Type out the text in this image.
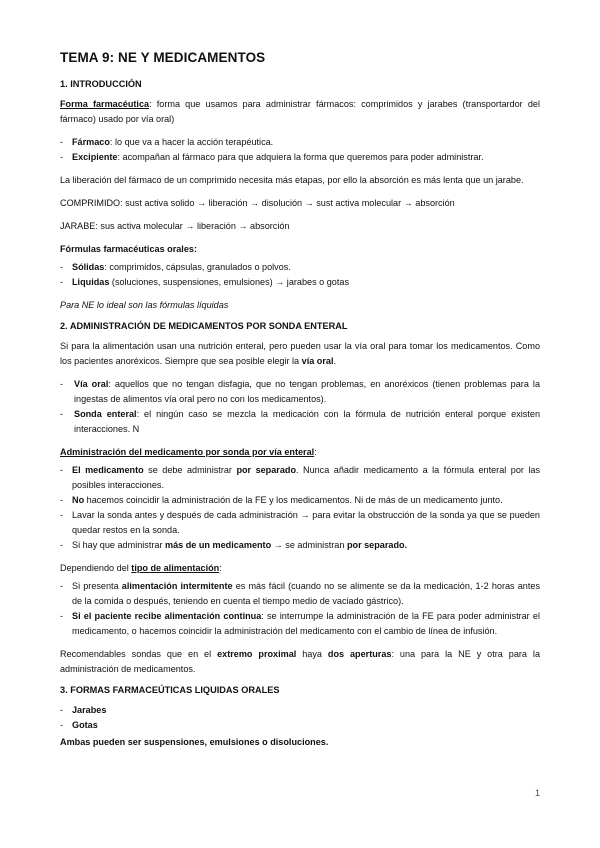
TEMA 9: NE Y MEDICAMENTOS
1. INTRODUCCIÓN

Forma farmacéutica: forma que usamos para administrar fármacos: comprimidos y jarabes (transportardor del fármaco) usado por vía oral)

- Fármaco: lo que va a hacer la acción terapéutica.
- Excipiente: acompañan al fármaco para que adquiera la forma que queremos para poder administrar.

La liberación del fármaco de un comprimido necesita más etapas, por ello la absorción es más lenta que un jarabe.

COMPRIMIDO: sust activa solido → liberación → disolución → sust activa molecular → absorción

JARABE: sus activa molecular → liberación → absorción

Fórmulas farmacéuticas orales:

- Sólidas: comprimidos, cápsulas, granulados o polvos.
- Liquidas (soluciones, suspensiones, emulsiones) → jarabes o gotas

Para NE lo ideal son las fórmulas líquidas

2. ADMINISTRACIÓN DE MEDICAMENTOS POR SONDA ENTERAL

Si para la alimentación usan una nutrición enteral, pero pueden usar la vía oral para tomar los medicamentos. Como los pacientes anoréxicos. Siempre que sea posible elegir la vía oral.

- Vía oral: aquellos que no tengan disfagia, que no tengan problemas, en anoréxicos (tienen problemas para la ingestas de alimentos vía oral pero no con los medicamentos).
- Sonda enteral: el ningún caso se mezcla la medicación con la fórmula de nutrición enteral porque existen interacciones. N

Administración del medicamento por sonda por vía enteral:

- El medicamento se debe administrar por separado. Nunca añadir medicamento a la fórmula enteral por las posibles interacciones.
- No hacemos coincidir la administración de la FE y los medicamentos. Ni de más de un medicamento junto.
- Lavar la sonda antes y después de cada administración → para evitar la obstrucción de la sonda ya que se pueden quedar restos en la sonda.
- Si hay que administrar más de un medicamento → se administran por separado.

Dependiendo del tipo de alimentación:

- Si presenta alimentación intermitente es más fácil (cuando no se alimente se da la medicación, 1-2 horas antes de la comida o después, teniendo en cuenta el tiempo medio de vaciado gástrico).
- Si el paciente recibe alimentación continua: se interrumpe la administración de la FE para poder administrar el medicamento, o hacemos coincidir la administración del medicamento con el cambio de línea de infusión.

Recomendables sondas que en el extremo proximal haya dos aperturas: una para la NE y otra para la administración de medicamentos.

3. FORMAS FARMACEÚTICAS LIQUIDAS ORALES
- Jarabes
- Gotas

Ambas pueden ser suspensiones, emulsiones o disoluciones.

1
